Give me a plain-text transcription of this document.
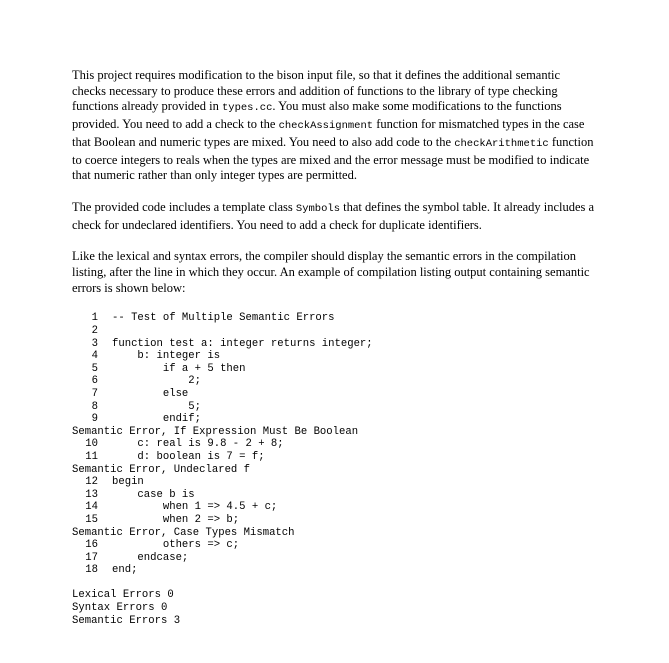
This project requires modification to the bison input file, so that it defines the additional semantic checks necessary to produce these errors and addition of functions to the library of type checking functions already provided in types.cc. You must also make some modifications to the functions provided. You need to add a check to the checkAssignment function for mismatched types in the case that Boolean and numeric types are mixed. You need to also add code to the checkArithmetic function to coerce integers to reals when the types are mixed and the error message must be modified to indicate that numeric rather than only integer types are permitted.

The provided code includes a template class Symbols that defines the symbol table. It already includes a check for undeclared identifiers. You need to add a check for duplicate identifiers.

Like the lexical and syntax errors, the compiler should display the semantic errors in the compilation listing, after the line in which they occur. An example of compilation listing output containing semantic errors is shown below:

1 -- Test of Multiple Semantic Errors
2
3 function test a: integer returns integer;
4    b: integer is
5        if a + 5 then
6            2;
7        else
8            5;
9        endif;
Semantic Error, If Expression Must Be Boolean
10    c: real is 9.8 - 2 + 8;
11    d: boolean is 7 = f;
Semantic Error, Undeclared f
12 begin
13    case b is
14        when 1 => 4.5 + c;
15        when 2 => b;
Semantic Error, Case Types Mismatch
16        others => c;
17    endcase;
18 end;
Lexical Errors 0
Syntax Errors 0
Semantic Errors 3
